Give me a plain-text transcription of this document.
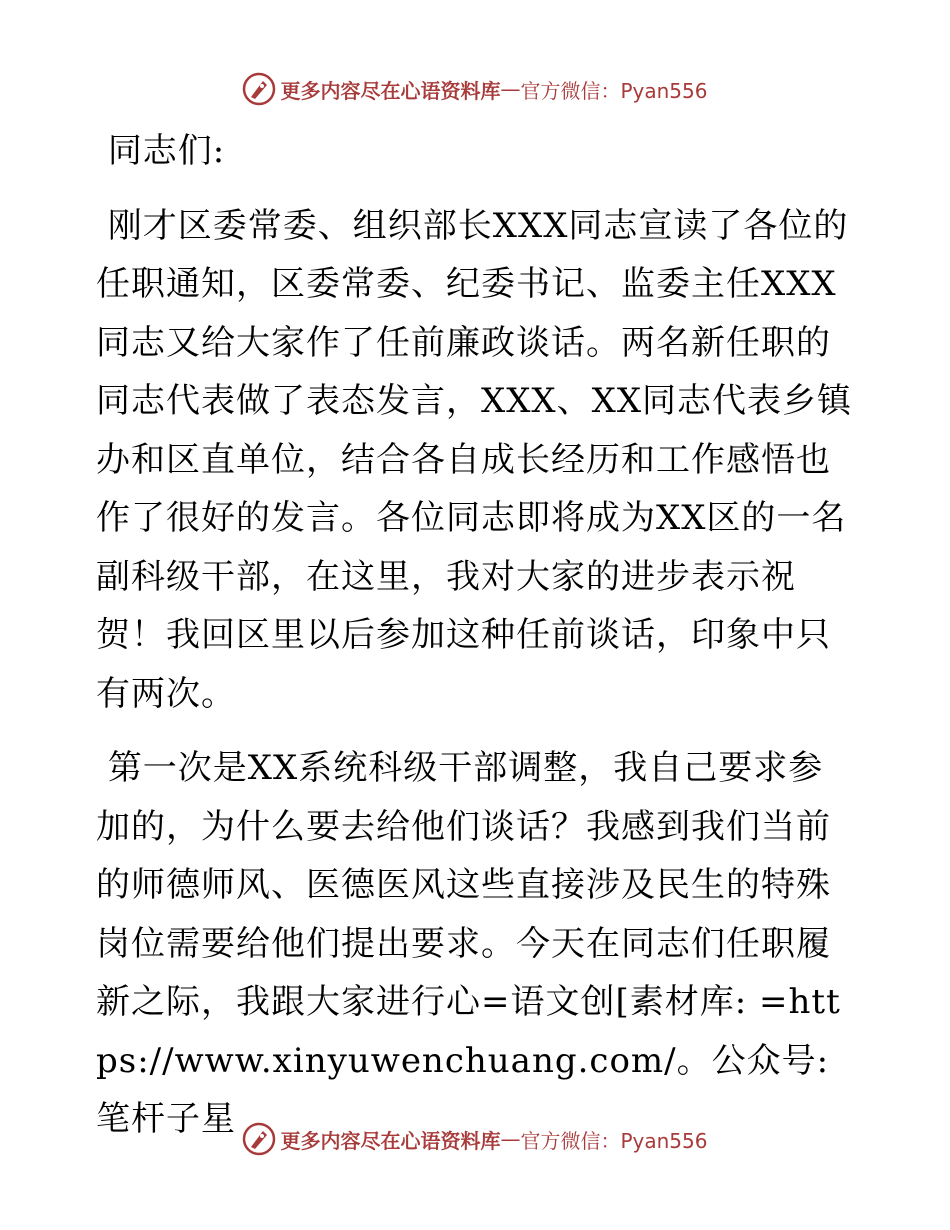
更多内容尽在心语资料库 — 官方微信：Pyan556

同志们:

刚才区委常委、组织部长XXX同志宣读了各位的任职通知，区委常委、纪委书记、监委主任XXX同志又给大家作了任前廉政谈话。两名新任职的同志代表做了表态发言，XXX、XX同志代表乡镇办和区直单位，结合各自成长经历和工作感悟也作了很好的发言。各位同志即将成为XX区的一名副科级干部，在这里，我对大家的进步表示祝贺！我回区里以后参加这种任前谈话，印象中只有两次。

第一次是XX系统科级干部调整，我自己要求参加的，为什么要去给他们谈话？我感到我们当前的师德师风、医德医风这些直接涉及民生的特殊岗位需要给他们提出要求。今天在同志们任职履新之际，我跟大家进行心=语文创[素材库: =https://www.xinyuwenchuang.com/。公众号: 笔杆子星

更多内容尽在心语资料库 — 官方微信：Pyan556
